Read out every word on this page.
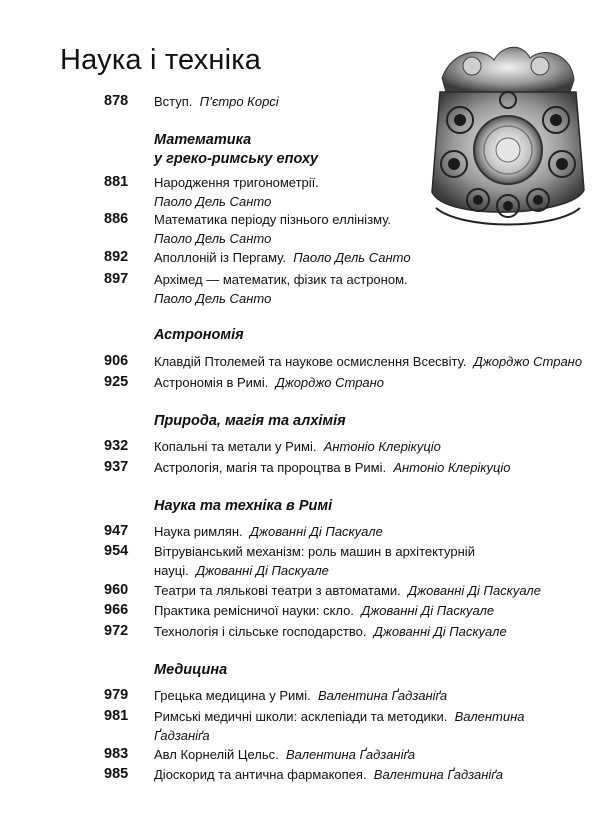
Наука і техніка
878	Вступ. П’єтро Корсі
Математика
у греко-римську епоху
881	Народження тригонометрії.
Паоло Дель Санто
886	Математика періоду пізнього еллінізму.
Паоло Дель Санто
892	Аполлоній із Пергаму. Паоло Дель Санто
897	Архімед — математик, фізик та астроном.
Паоло Дель Санто
Астрономія
906	Клавдій Птолемей та наукове осмислення Всесвіту. Джорджо Страно
925	Астрономія в Римі. Джорджо Страно
Природа, магія та алхімія
932	Копальні та метали у Римі. Антоніо Клерікуціо
937	Астрологія, магія та пророцтва в Римі. Антоніо Клерікуціо
Наука та техніка в Римі
947	Наука римлян. Джованні Ді Паскуале
954	Вітрувіанський механізм: роль машин в архітектурній науці. Джованні Ді Паскуале
960	Театри та лялькові театри з автоматами. Джованні Ді Паскуале
966	Практика ремісничої науки: скло. Джованні Ді Паскуале
972	Технологія і сільське господарство. Джованні Ді Паскуале
Медицина
979	Грецька медицина у Римі. Валентина Ґадзаніґа
981	Римські медичні школи: асклепіади та методики. Валентина Ґадзаніґа
983	Авл Корнелій Цельс. Валентина Ґадзаніґа
985	Діоскорид та антична фармакопея. Валентина Ґадзаніґа
